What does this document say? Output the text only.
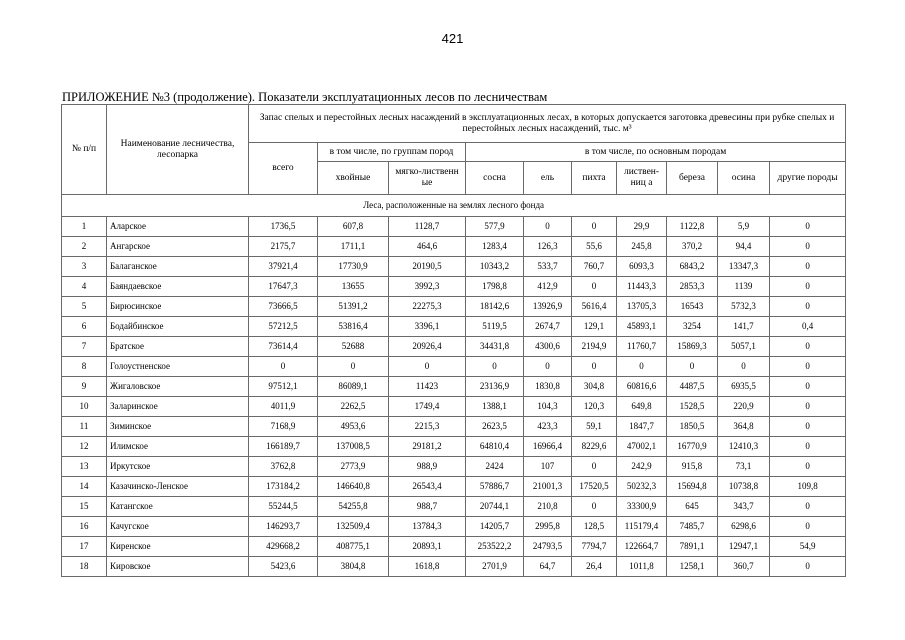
421
ПРИЛОЖЕНИЕ №3 (продолжение). Показатели эксплуатационных лесов по лесничествам
№ п/п	Наименование лесничества, лесопарка	Запас спелых и перестойных лесных насаждений в эксплуатационных лесах, в которых допускается заготовка древесины при рубке спелых и перестойных лесных насаждений, тыс. м³									
		всего	в том числе, по группам пород		в том числе, по основным породам						
			хвойные	мягко-лиственн ые	сосна	ель	пихта	листвен-ниц а	береза	осина	другие породы
Леса, расположенные на землях лесного фонда											
1	Аларское	1736,5	607,8	1128,7	577,9	0	0	29,9	1122,8	5,9	0
2	Ангарское	2175,7	1711,1	464,6	1283,4	126,3	55,6	245,8	370,2	94,4	0
3	Балаганское	37921,4	17730,9	20190,5	10343,2	533,7	760,7	6093,3	6843,2	13347,3	0
4	Баяндаевское	17647,3	13655	3992,3	1798,8	412,9	0	11443,3	2853,3	1139	0
5	Бирюсинское	73666,5	51391,2	22275,3	18142,6	13926,9	5616,4	13705,3	16543	5732,3	0
6	Бодайбинское	57212,5	53816,4	3396,1	5119,5	2674,7	129,1	45893,1	3254	141,7	0,4
7	Братское	73614,4	52688	20926,4	34431,8	4300,6	2194,9	11760,7	15869,3	5057,1	0
8	Голоустненское	0	0	0	0	0	0	0	0	0	0
9	Жигаловское	97512,1	86089,1	11423	23136,9	1830,8	304,8	60816,6	4487,5	6935,5	0
10	Заларинское	4011,9	2262,5	1749,4	1388,1	104,3	120,3	649,8	1528,5	220,9	0
11	Зиминское	7168,9	4953,6	2215,3	2623,5	423,3	59,1	1847,7	1850,5	364,8	0
12	Илимское	166189,7	137008,5	29181,2	64810,4	16966,4	8229,6	47002,1	16770,9	12410,3	0
13	Иркутское	3762,8	2773,9	988,9	2424	107	0	242,9	915,8	73,1	0
14	Казачинско-Ленское	173184,2	146640,8	26543,4	57886,7	21001,3	17520,5	50232,3	15694,8	10738,8	109,8
15	Катангское	55244,5	54255,8	988,7	20744,1	210,8	0	33300,9	645	343,7	0
16	Качугское	146293,7	132509,4	13784,3	14205,7	2995,8	128,5	115179,4	7485,7	6298,6	0
17	Киренское	429668,2	408775,1	20893,1	253522,2	24793,5	7794,7	122664,7	7891,1	12947,1	54,9
18	Кировское	5423,6	3804,8	1618,8	2701,9	64,7	26,4	1011,8	1258,1	360,7	0
